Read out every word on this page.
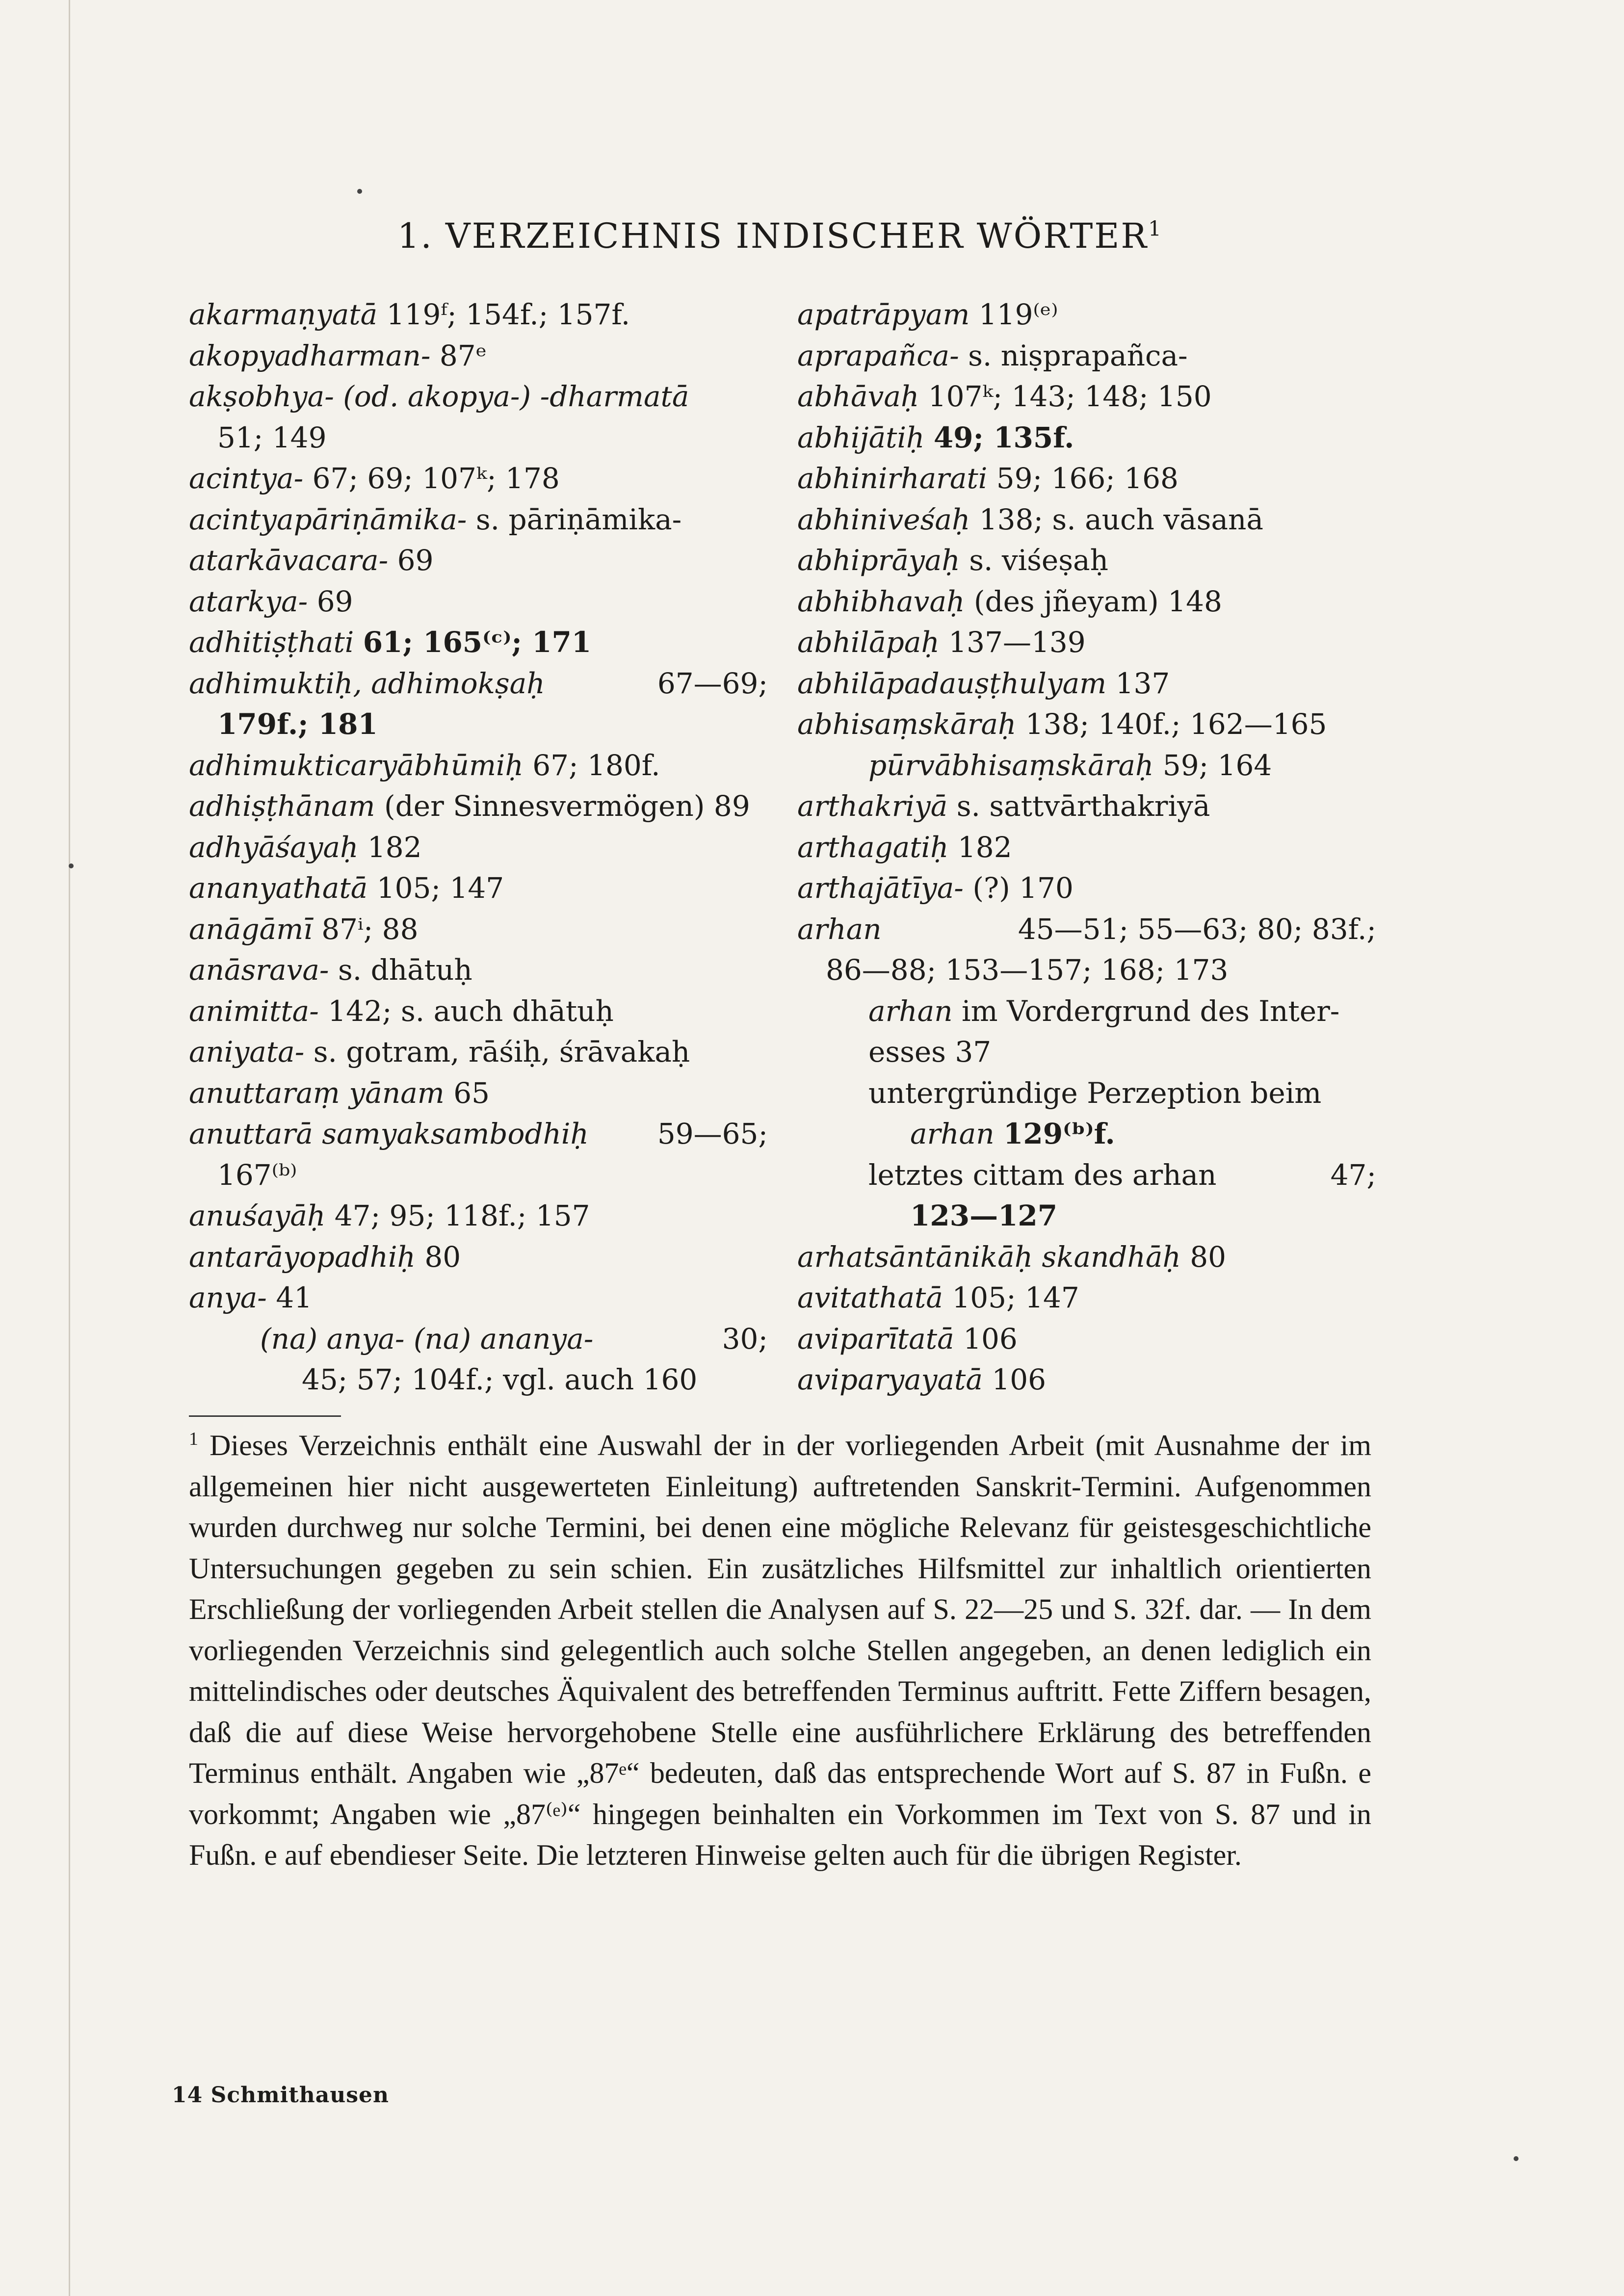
1. VERZEICHNIS INDISCHER WÖRTER$^1$
akarmaṇyatā 119ᶠ; 154f.; 157f.
akopyadharman- 87ᵉ
akṣobhya- (od. akopya-) -dharmatā
51; 149
acintya- 67; 69; 107ᵏ; 178
acintyapāriṇāmika- s. pāriṇāmika-
atarkāvacara- 69
atarkya- 69
adhitiṣṭhati 61; 165⁽ᶜ⁾; 171
adhimuktiḥ, adhimokṣaḥ	67—69;
179f.; 181
adhimukticaryābhūmiḥ 67; 180f.
adhiṣṭhānam (der Sinnesvermögen) 89
adhyāśayaḥ 182
ananyathatā 105; 147
anāgāmī 87ⁱ; 88
anāsrava- s. dhātuḥ
animitta- 142; s. auch dhātuḥ
aniyata- s. gotram, rāśiḥ, śrāvakaḥ
anuttaraṃ yānam 65
anuttarā samyaksambodhiḥ 59—65;
167⁽ᵇ⁾
anuśayāḥ 47; 95; 118f.; 157
antarāyopadhiḥ 80
anya- 41
(na) anya- (na) ananya-	30;
45; 57; 104f.; vgl. auch 160
apatrāpyam 119⁽ᵉ⁾
aprapañca- s. niṣprapañca-
abhāvaḥ 107ᵏ; 143; 148; 150
abhijātiḥ 49; 135f.
abhinirharati 59; 166; 168
abhiniveśaḥ 138; s. auch vāsanā
abhiprāyaḥ s. viśeṣaḥ
abhibhavaḥ (des jñeyam) 148
abhilāpaḥ 137—139
abhilāpadauṣṭhulyam 137
abhisaṃskāraḥ 138; 140f.; 162—165
pūrvābhisaṃskāraḥ 59; 164
arthakriyā s. sattvārthakriyā
arthagatiḥ 182
arthajātīya- (?) 170
arhan	45—51; 55—63; 80; 83f.;
86—88; 153—157; 168; 173
arhan im Vordergrund des Inter-
esses 37
untergründige Perzeption beim
arhan 129⁽ᵇ⁾f.
letztes cittam des arhan	47;
123—127
arhatsāntānikāḥ skandhāḥ 80
avitathatā 105; 147
aviparītatā 106
aviparyayatā 106
$^1$ Dieses Verzeichnis enthält eine Auswahl der in der vorliegenden Arbeit (mit Ausnahme der im allgemeinen hier nicht ausgewerteten Einleitung) auftretenden Sanskrit-Termini. Aufgenommen wurden durchweg nur solche Termini, bei denen eine mögliche Relevanz für geistesgeschichtliche Untersuchungen gegeben zu sein schien. Ein zusätzliches Hilfsmittel zur inhaltlich orientierten Erschließung der vorliegenden Arbeit stellen die Analysen auf S. 22—25 und S. 32f. dar. — In dem vorliegenden Verzeichnis sind gelegentlich auch solche Stellen angegeben, an denen lediglich ein mittelindisches oder deutsches Äquivalent des betreffenden Terminus auftritt. Fette Ziffern besagen, daß die auf diese Weise hervorgehobene Stelle eine ausführlichere Erklärung des betreffenden Terminus enthält. Angaben wie „87ᵉ“ bedeuten, daß das entsprechende Wort auf S. 87 in Fußn. e vorkommt; Angaben wie „87⁽ᵉ⁾“ hingegen beinhalten ein Vorkommen im Text von S. 87 und in Fußn. e auf ebendieser Seite. Die letzteren Hinweise gelten auch für die übrigen Register.
14 Schmithausen
